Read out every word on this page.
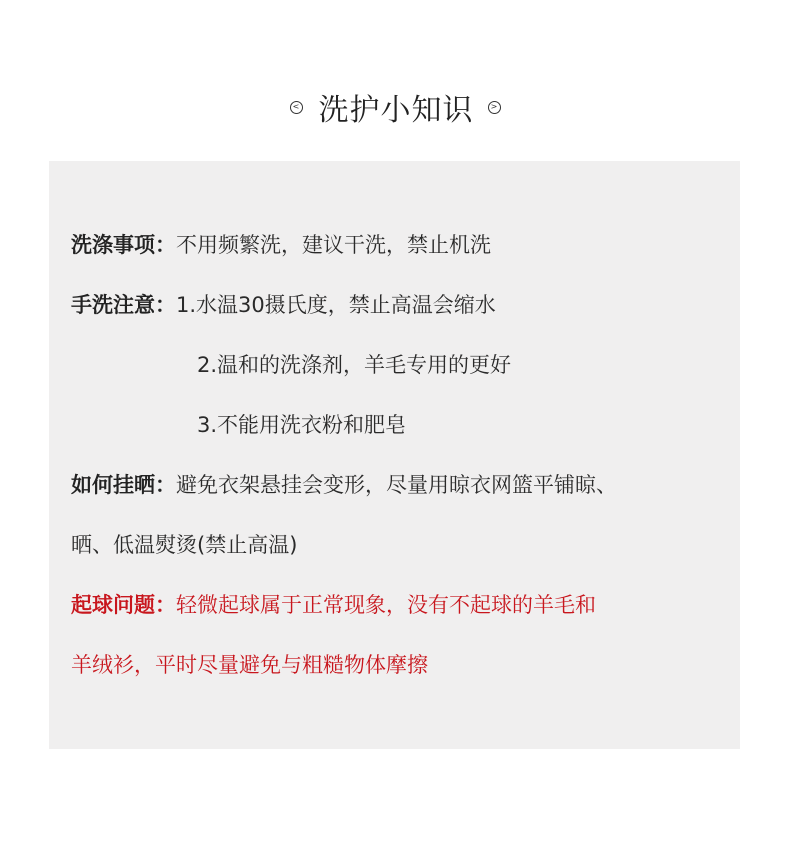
< 洗护小知识	>
洗涤事项：不用频繁洗，建议干洗，禁止机洗
手洗注意：1.水温30摄氏度，禁止高温会缩水
2.温和的洗涤剂，羊毛专用的更好
3.不能用洗衣粉和肥皂
如何挂晒：避免衣架悬挂会变形，尽量用晾衣网篮平铺晾、
晒、低温熨烫(禁止高温)
起球问题：轻微起球属于正常现象，没有不起球的羊毛和
羊绒衫，平时尽量避免与粗糙物体摩擦
